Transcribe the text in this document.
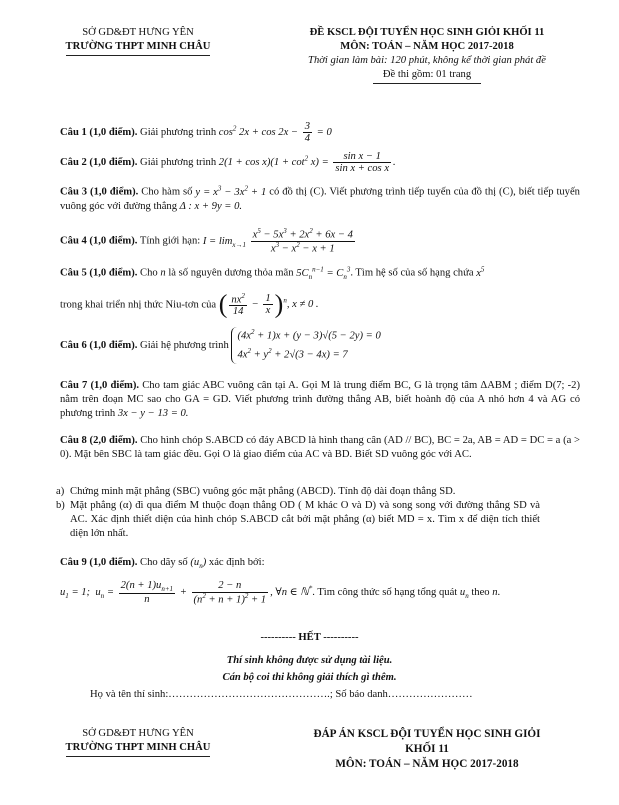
SỞ GD&ĐT HƯNG YÊN
TRƯỜNG THPT MINH CHÂU
ĐỀ KSCL ĐỘI TUYỂN HỌC SINH GIỎI KHỐI 11
MÔN: TOÁN – NĂM HỌC 2017-2018
Thời gian làm bài: 120 phút, không kể thời gian phát đề
Đề thi gồm: 01 trang
Câu 1 (1,0 điểm). Giải phương trình $\cos^2 2x + \cos 2x - \frac{3}{4} = 0$
Câu 2 (1,0 điểm). Giải phương trình $2(1 + \cos x)(1 + \cot^2 x) = \frac{\text{sin x − 1}}{\text{sin x + cos x}}$ .
Câu 3 (1,0 điểm). Cho hàm số $y = x^3 - 3x^2 + 1$ có đồ thị (C). Viết phương trình tiếp tuyến của đồ thị (C), biết tiếp tuyến vuông góc với đường thẳng Δ : x + 9y = 0.
Câu 4 (1,0 điểm). Tính giới hạn: $I = \lim_{x\to 1} \frac{x^5 - 5x^3 + 2x^2 + 6x - 4}{x^3 - x^2 - x + 1}$
Câu 5 (1,0 điểm). Cho n là số nguyên dương thỏa mãn $5C_n^{n-1} = C_n^3$. Tìm hệ số của số hạng chứa $x^5$
trong khai triển nhị thức Niu-tơn của ( $\frac{nx^2}{14} - \frac{1}{x} )^n$, x ≠ 0 .
Câu 6 (1,0 điểm). Giải hệ phương trình
$(4x^2 + 1)x + (y - 3)√(5 - 2y) = 0$
$4x^2 + y^2 + 2√(3 - 4x) = 7$
Câu 7 (1,0 điểm). Cho tam giác ABC vuông cân tại A. Gọi M là trung điểm BC, G là trọng tâm ΔABM ; điểm D(7; -2) nằm trên đoạn MC sao cho GA = GD. Viết phương trình đường thẳng AB, biết hoành độ của A nhỏ hơn 4 và AG có phương trình 3x − y − 13 = 0.
Câu 8 (2,0 điểm). Cho hình chóp S.ABCD có đáy ABCD là hình thang cân (AD // BC), BC = 2a, AB = AD = DC = a (a > 0). Mặt bên SBC là tam giác đều. Gọi O là giao điểm của AC và BD. Biết SD vuông góc với AC.
a) Chứng minh mặt phẳng (SBC) vuông góc mặt phẳng (ABCD). Tính độ dài đoạn thẳng SD.
b) Mặt phẳng (α) đi qua điểm M thuộc đoạn thẳng OD ( M khác O và D) và song song với đường thẳng SD và AC. Xác định thiết diện của hình chóp S.ABCD cắt bởi mặt phẳng (α) biết MD = x. Tìm x để diện tích thiết diện lớn nhất.
Câu 9 (1,0 điểm). Cho dãy số $(u_n)$ xác định bởi:
$u_1 = 1$;  $u_n = \frac{2(n + 1)u_{n+1}}{n} + \frac{2 - n}{(n^2 + n + 1)^2 + 1}$ , ∀n ∈ ℕ*. Tìm công thức số hạng tổng quát $u_n$ theo n.
---------- HẾT ----------
Thí sinh không được sử dụng tài liệu.
Cán bộ coi thi không giải thích gì thêm.
Họ và tên thí sinh:……………………………………….; Số báo danh……………………
SỞ GD&ĐT HƯNG YÊN
TRƯỜNG THPT MINH CHÂU
ĐÁP ÁN KSCL ĐỘI TUYỂN HỌC SINH GIỎI
KHỐI 11
MÔN: TOÁN – NĂM HỌC 2017-2018
